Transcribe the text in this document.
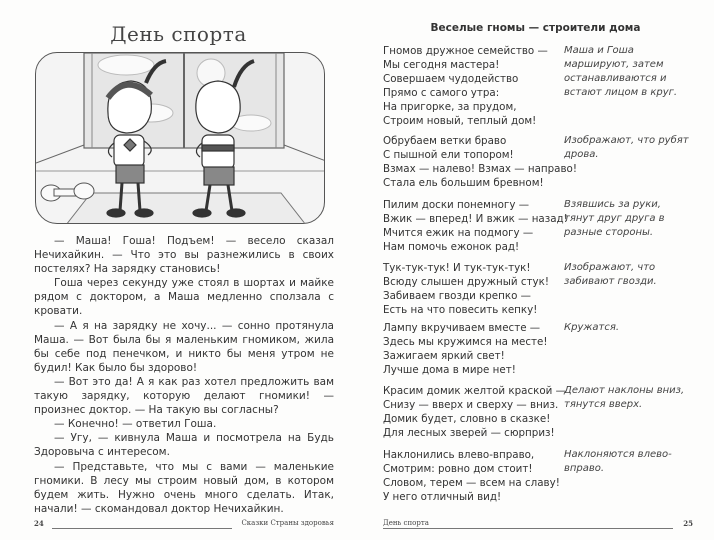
День спорта

— Маша! Гоша! Подъем! — весело сказал Нечихайкин. — Что это вы разнежились в своих постелях? На зарядку становись!

Гоша через секунду уже стоял в шортах и майке рядом с доктором, а Маша медленно сползала с кровати.

— А я на зарядку не хочу... — сонно протянула Маша. — Вот была бы я маленьким гномиком, жила бы себе под пенечком, и никто бы меня утром не будил! Как было бы здорово!

— Вот это да! А я как раз хотел предложить вам такую зарядку, которую делают гномики! — произнес доктор. — На такую вы согласны?

— Конечно! — ответил Гоша.

— Угу, — кивнула Маша и посмотрела на Будь Здоровыча с интересом.

— Представьте, что мы с вами — маленькие гномики. В лесу мы строим новый дом, в котором будем жить. Нужно очень много сделать. Итак, начали! — скомандовал доктор Нечихайкин.

24	Сказки Страны здоровья
Веселые гномы — строители дома
Гномов дружное семейство —
Мы сегодня мастера!
Совершаем чудодейство
Прямо с самого утра:
На пригорке, за прудом,
Строим новый, теплый дом!
Маша и Гоша маршируют, затем останавливаются и встают лицом в круг.
Обрубаем ветки браво
С пышной ели топором!
Взмах — налево! Взмах — направо!
Стала ель большим бревном!
Изображают, что рубят дрова.
Пилим доски понемногу —
Вжик — вперед! И вжик — назад!
Мчится ежик на подмогу —
Нам помочь ежонок рад!
Взявшись за руки, тянут друг друга в разные стороны.
Тук-тук-тук! И тук-тук-тук!
Всюду слышен дружный стук!
Забиваем гвозди крепко —
Есть на что повесить кепку!
Изображают, что забивают гвозди.
Лампу вкручиваем вместе —
Здесь мы кружимся на месте!
Зажигаем яркий свет!
Лучше дома в мире нет!
Кружатся.
Красим домик желтой краской —
Снизу — вверх и сверху — вниз.
Домик будет, словно в сказке!
Для лесных зверей — сюрприз!
Делают наклоны вниз, тянутся вверх.
Наклонились влево-вправо,
Смотрим: ровно дом стоит!
Словом, терем — всем на славу!
У него отличный вид!
Наклоняются влево-вправо.
День спорта	25
